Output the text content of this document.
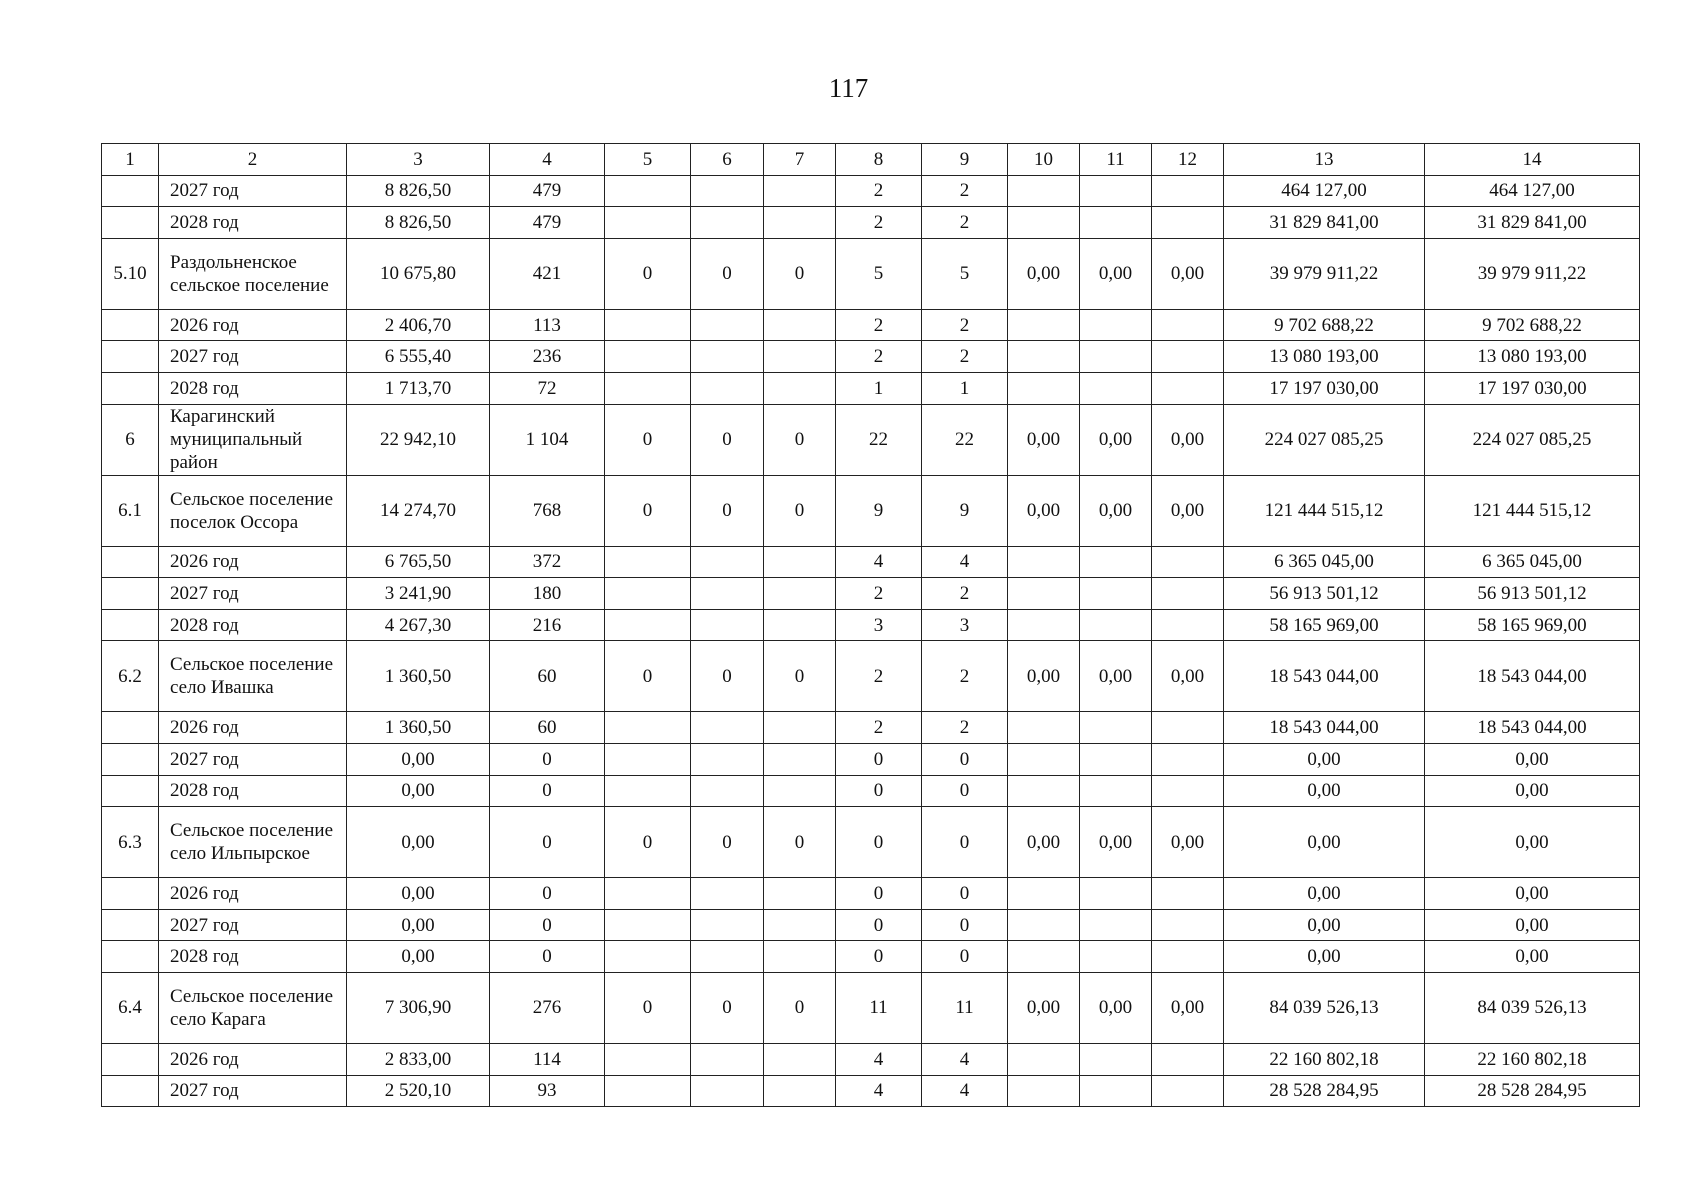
117
1	2	3	4	5	6	7	8	9	10	11	12	13	14
	2027 год	8 826,50	479				2	2				464 127,00	464 127,00
	2028 год	8 826,50	479				2	2				31 829 841,00	31 829 841,00
5.10	Раздольненское сельское поселение	10 675,80	421	0	0	0	5	5	0,00	0,00	0,00	39 979 911,22	39 979 911,22
	2026 год	2 406,70	113				2	2				9 702 688,22	9 702 688,22
	2027 год	6 555,40	236				2	2				13 080 193,00	13 080 193,00
	2028 год	1 713,70	72				1	1				17 197 030,00	17 197 030,00
6	Карагинский муниципальный район	22 942,10	1 104	0	0	0	22	22	0,00	0,00	0,00	224 027 085,25	224 027 085,25
6.1	Сельское поселение поселок Оссора	14 274,70	768	0	0	0	9	9	0,00	0,00	0,00	121 444 515,12	121 444 515,12
	2026 год	6 765,50	372				4	4				6 365 045,00	6 365 045,00
	2027 год	3 241,90	180				2	2				56 913 501,12	56 913 501,12
	2028 год	4 267,30	216				3	3				58 165 969,00	58 165 969,00
6.2	Сельское поселение село Ивашка	1 360,50	60	0	0	0	2	2	0,00	0,00	0,00	18 543 044,00	18 543 044,00
	2026 год	1 360,50	60				2	2				18 543 044,00	18 543 044,00
	2027 год	0,00	0				0	0				0,00	0,00
	2028 год	0,00	0				0	0				0,00	0,00
6.3	Сельское поселение село Ильпырское	0,00	0	0	0	0	0	0	0,00	0,00	0,00	0,00	0,00
	2026 год	0,00	0				0	0				0,00	0,00
	2027 год	0,00	0				0	0				0,00	0,00
	2028 год	0,00	0				0	0				0,00	0,00
6.4	Сельское поселение село Карага	7 306,90	276	0	0	0	11	11	0,00	0,00	0,00	84 039 526,13	84 039 526,13
	2026 год	2 833,00	114				4	4				22 160 802,18	22 160 802,18
	2027 год	2 520,10	93				4	4				28 528 284,95	28 528 284,95
